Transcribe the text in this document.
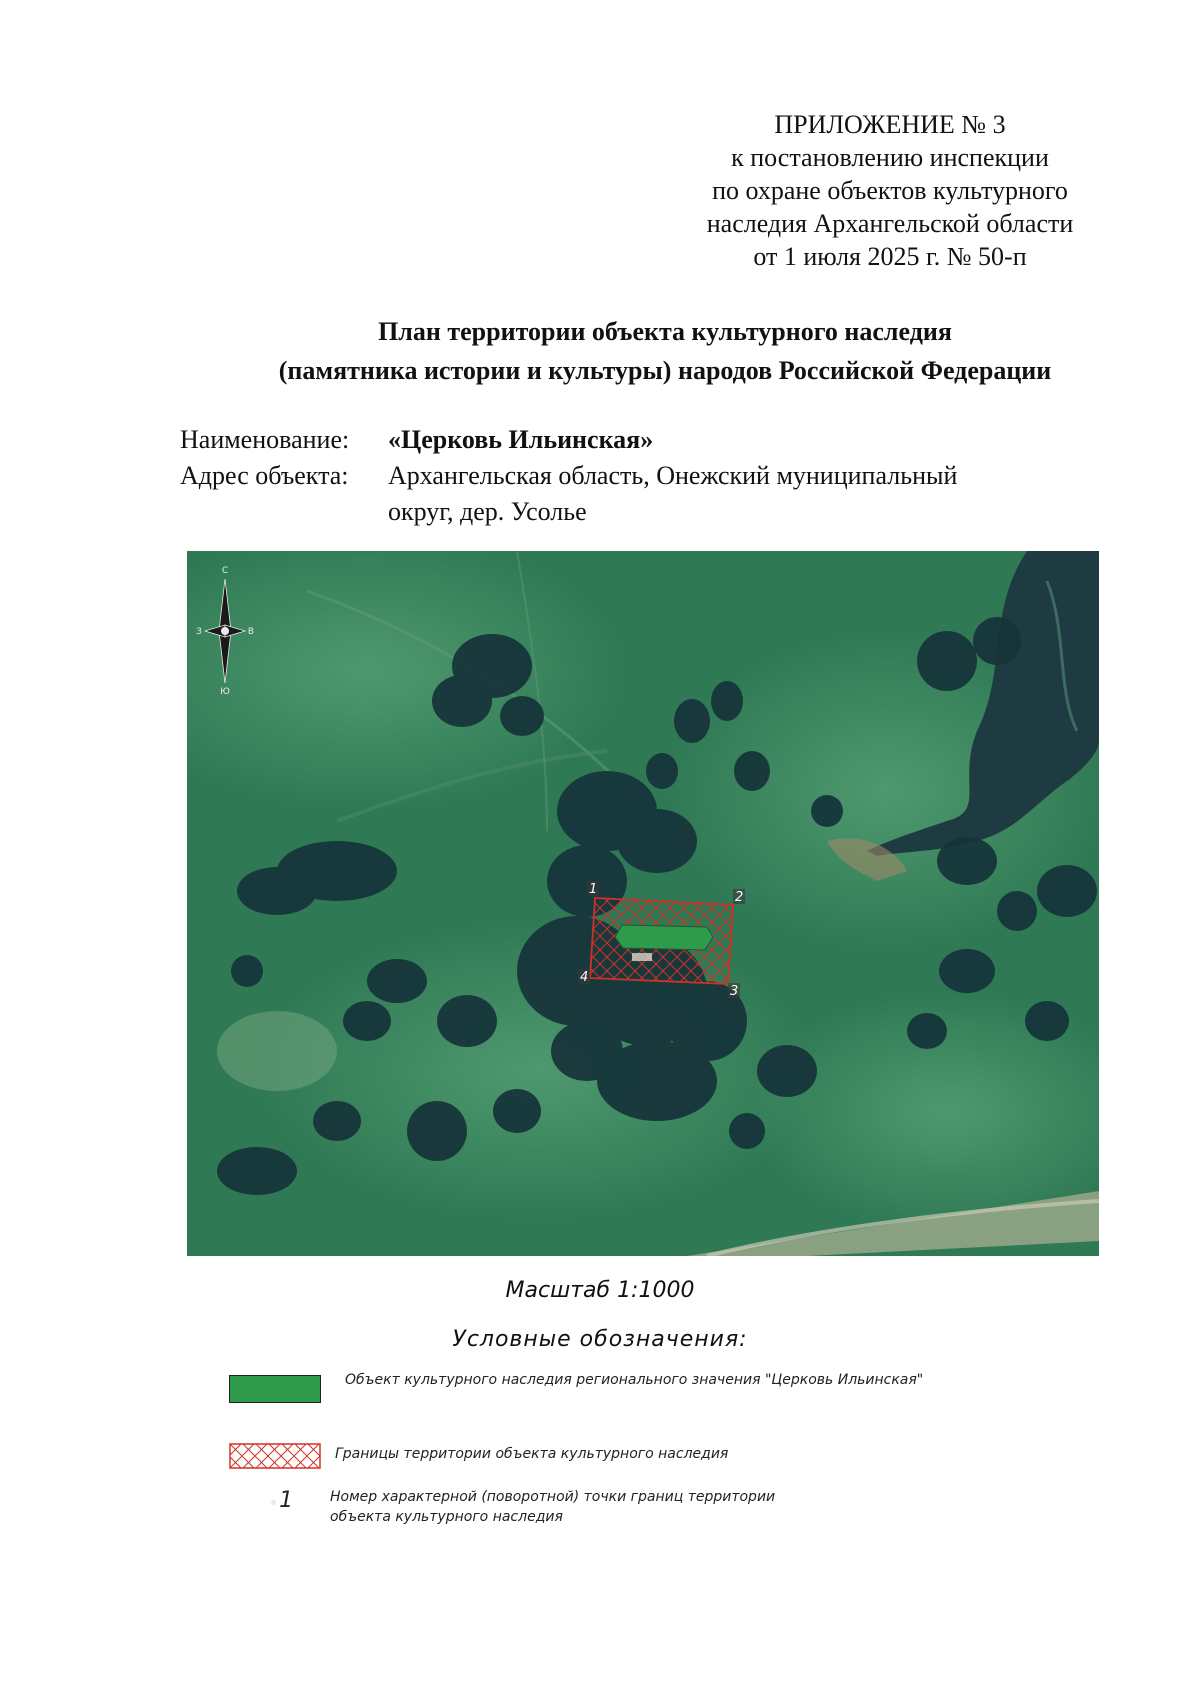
ПРИЛОЖЕНИЕ № 3
к постановлению инспекции
по охране объектов культурного
наследия Архангельской области
от 1 июля 2025 г. № 50-п
План территории объекта культурного наследия
(памятника истории и культуры) народов Российской Федерации
Наименование:	«Церковь Ильинская»
Адрес объекта:	Архангельская область, Онежский муниципальный
округ, дер. Усолье
С
Ю
З	В
1
2
3
4
Масштаб 1:1000
Условные обозначения:
Объект культурного наследия регионального значения "Церковь Ильинская"
Границы территории объекта культурного наследия
◦1	Номер характерной (поворотной) точки границ территории
объекта культурного наследия
